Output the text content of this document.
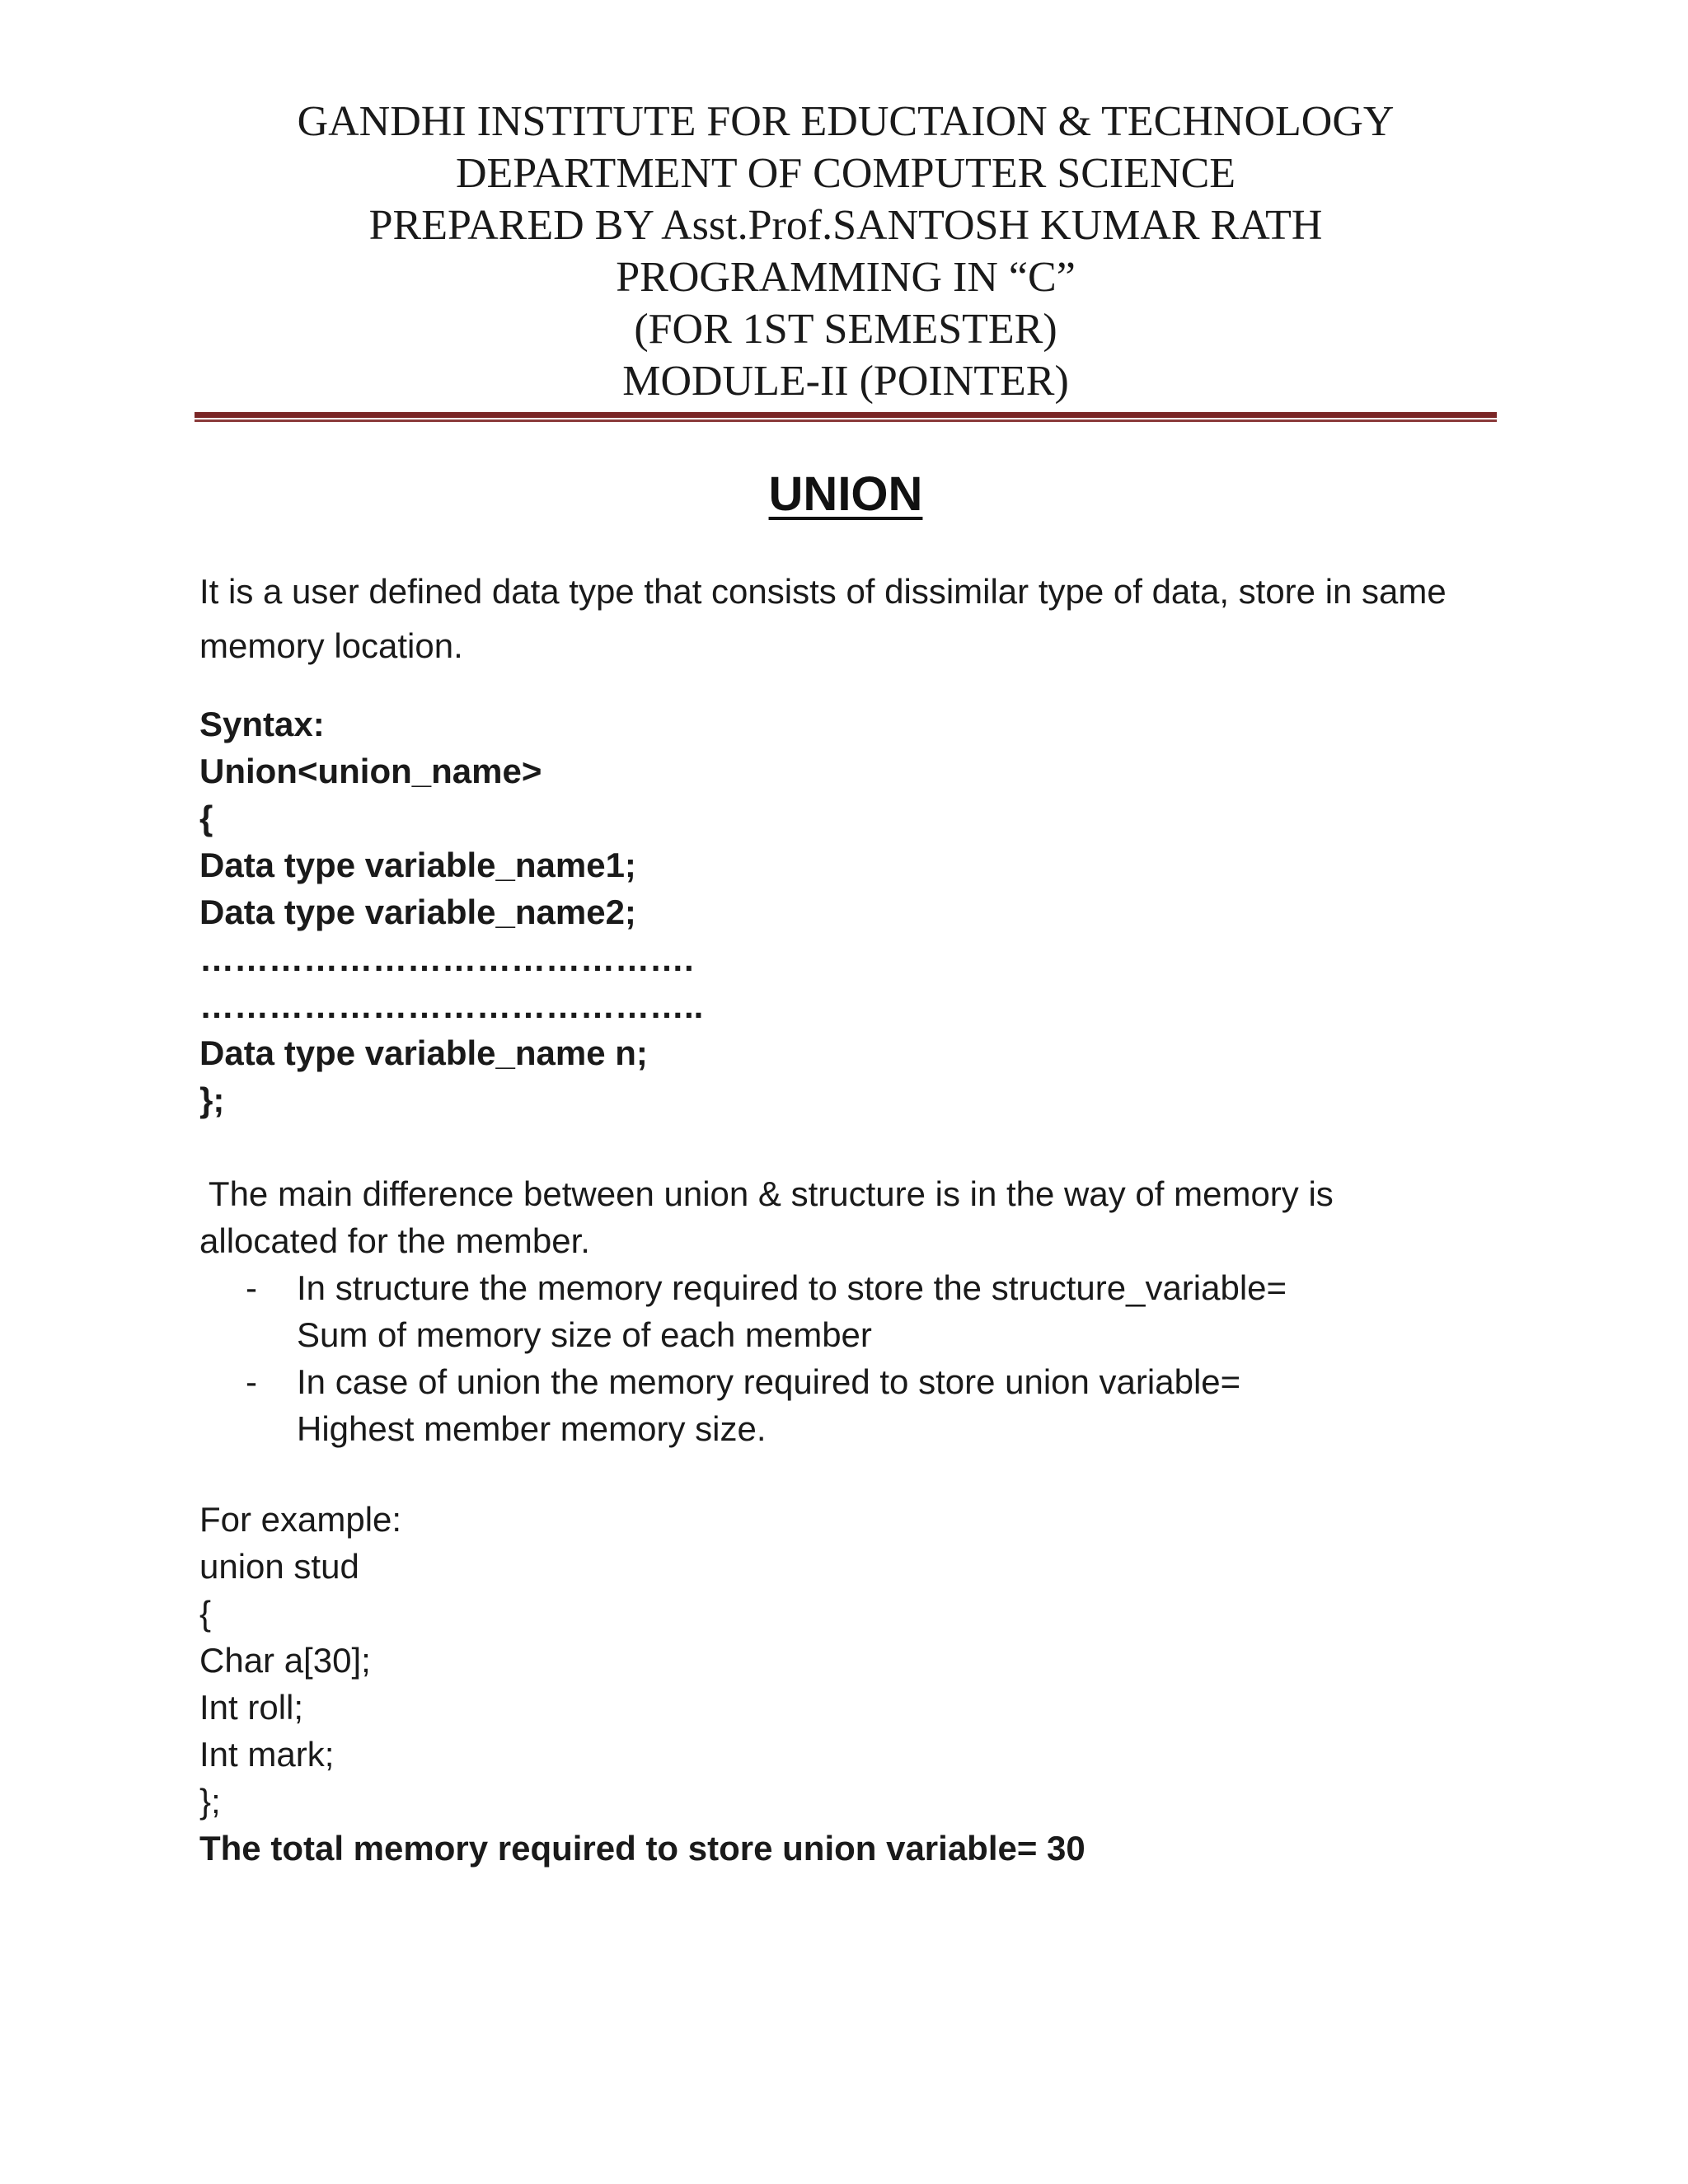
GANDHI INSTITUTE FOR EDUCTAION & TECHNOLOGY
DEPARTMENT OF COMPUTER SCIENCE
PREPARED BY Asst.Prof.SANTOSH KUMAR RATH
PROGRAMMING IN “C”
(FOR 1ST SEMESTER)
MODULE-II (POINTER)
UNION
It is a user defined data type that consists of dissimilar type of data, store in same
memory location.
Syntax:
Union<union_name>
{
Data type variable_name1;
Data type variable_name2;
…………………………………….
……………………………………..
Data type variable_name n;
};
The main difference between union & structure is in the way of memory is
allocated for the member.
- In structure the memory required to store the structure_variable=
Sum of memory size of each member
- In case of union the memory required to store union variable=
Highest member memory size.
For example:
union stud
{
Char a[30];
Int roll;
Int mark;
};
The total memory required to store union variable= 30
